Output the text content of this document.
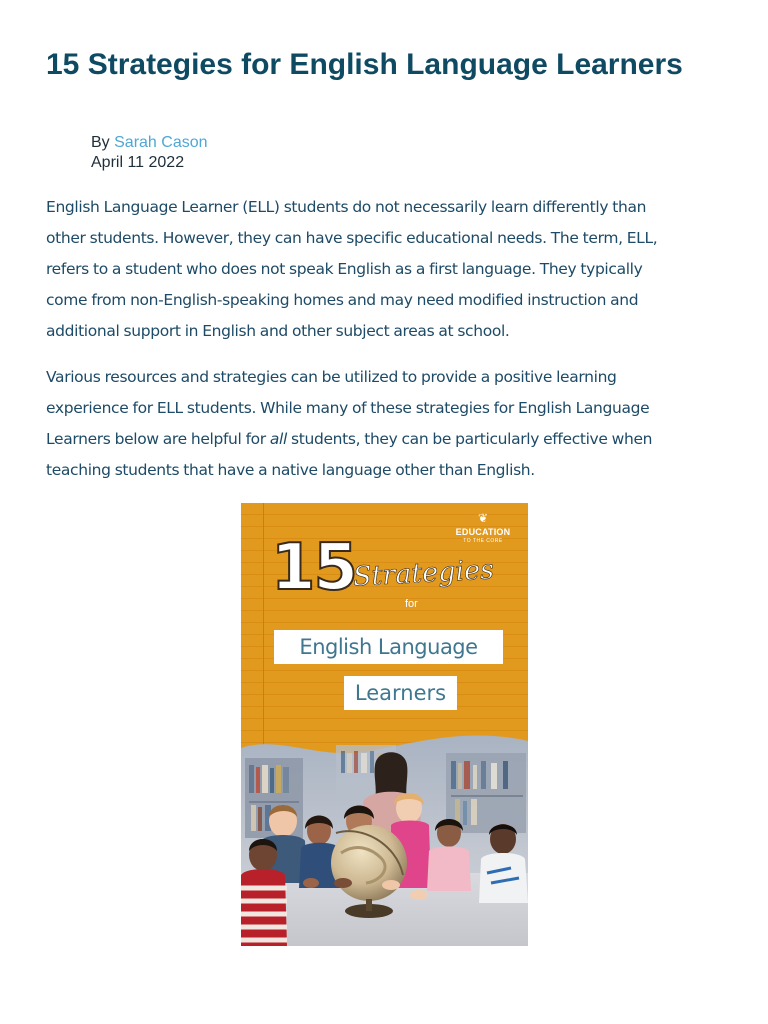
15 Strategies for English Language Learners
By Sarah Cason
April 11 2022

English Language Learner (ELL) students do not necessarily learn differently than
other students. However, they can have specific educational needs. The term, ELL,
refers to a student who does not speak English as a first language. They typically
come from non-English-speaking homes and may need modified instruction and
additional support in English and other subject areas at school.

Various resources and strategies can be utilized to provide a positive learning
experience for ELL students. While many of these strategies for English Language
Learners below are helpful for all students, they can be particularly effective when
teaching students that have a native language other than English.

❦
EDUCATION
TO THE CORE
15
Strategies
for
English Language
Learners
